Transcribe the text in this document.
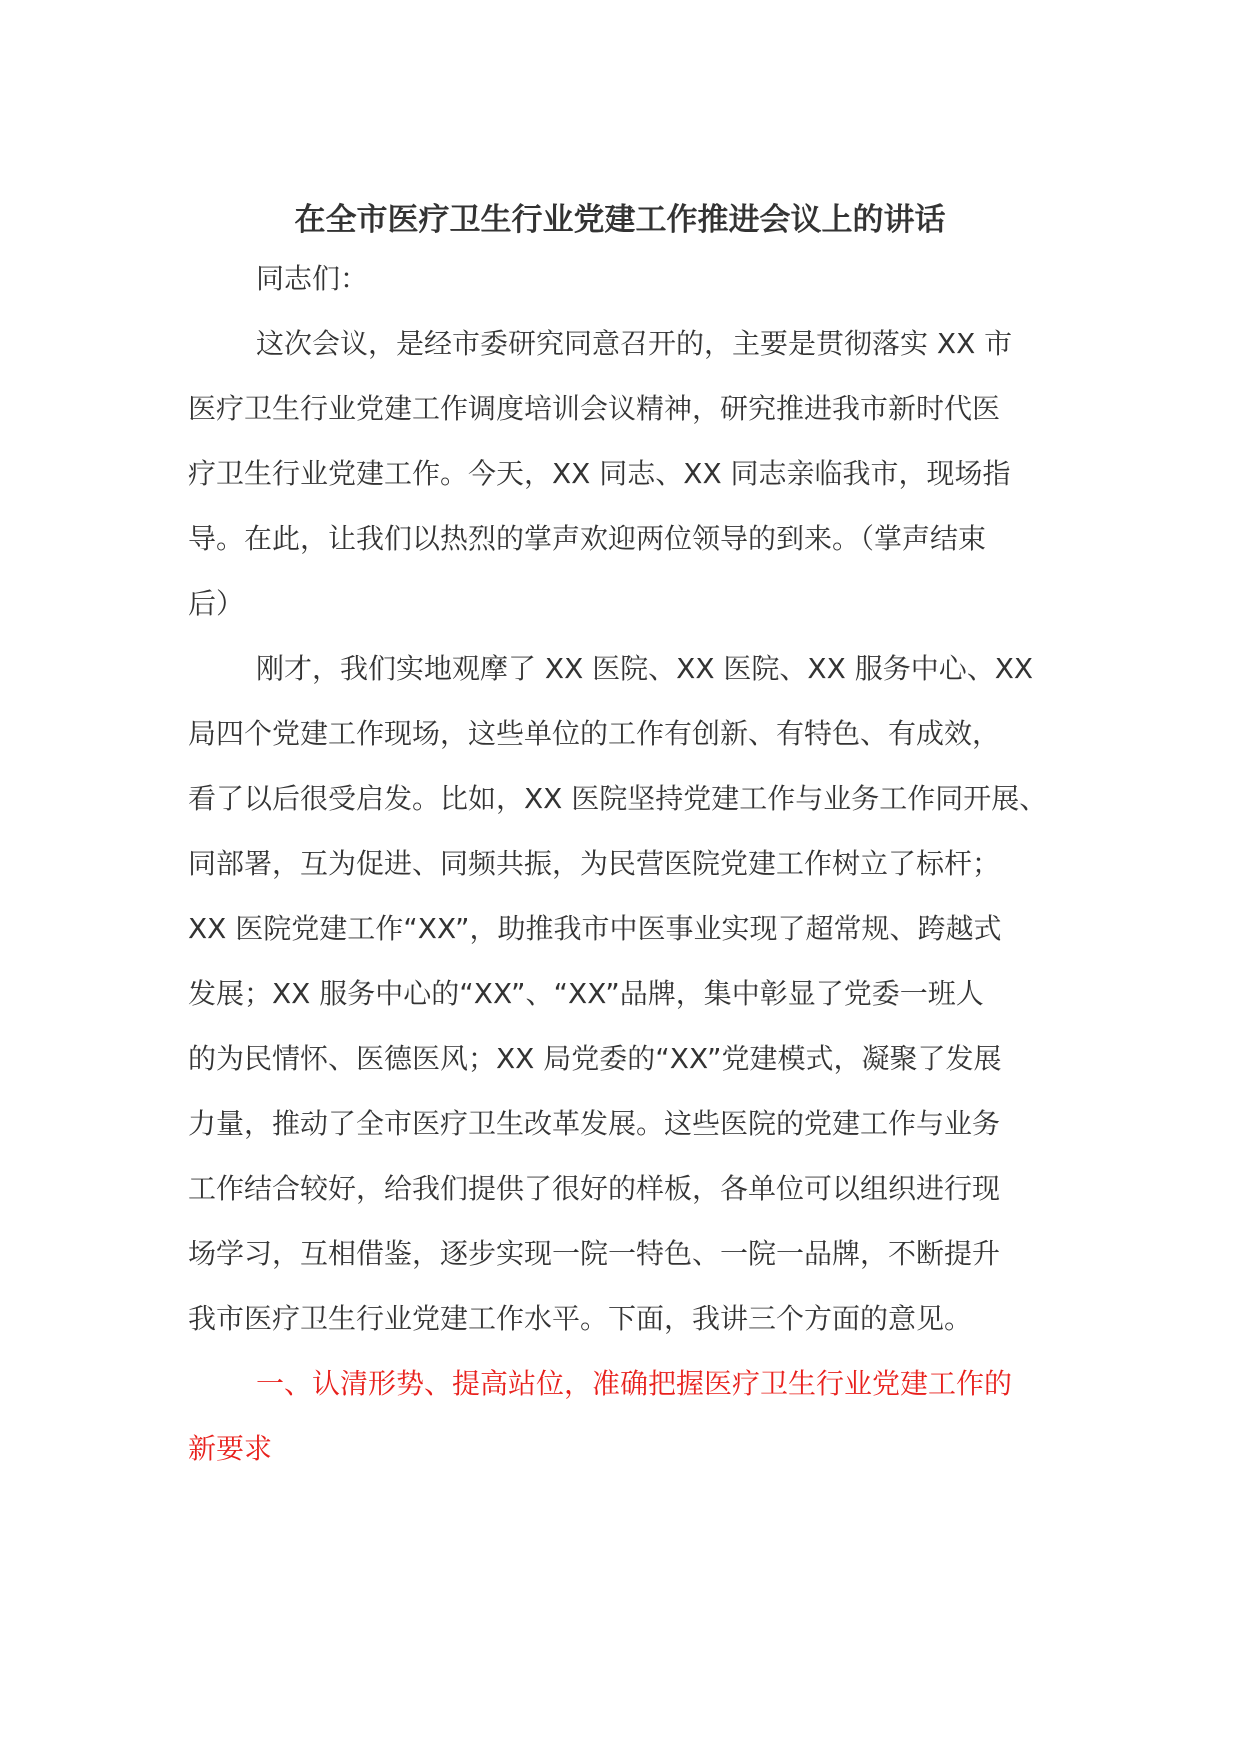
在全市医疗卫生行业党建工作推进会议上的讲话
同志们：
这次会议，是经市委研究同意召开的，主要是贯彻落实 XX 市
医疗卫生行业党建工作调度培训会议精神，研究推进我市新时代医
疗卫生行业党建工作。今天，XX 同志、XX 同志亲临我市，现场指
导。在此，让我们以热烈的掌声欢迎两位领导的到来。（掌声结束
后）
刚才，我们实地观摩了 XX 医院、XX 医院、XX 服务中心、XX
局四个党建工作现场，这些单位的工作有创新、有特色、有成效，
看了以后很受启发。比如，XX 医院坚持党建工作与业务工作同开展、
同部署，互为促进、同频共振，为民营医院党建工作树立了标杆；
XX 医院党建工作“XX”，助推我市中医事业实现了超常规、跨越式
发展；XX 服务中心的“XX”、“XX”品牌，集中彰显了党委一班人
的为民情怀、医德医风；XX 局党委的“XX”党建模式，凝聚了发展
力量，推动了全市医疗卫生改革发展。这些医院的党建工作与业务
工作结合较好，给我们提供了很好的样板，各单位可以组织进行现
场学习，互相借鉴，逐步实现一院一特色、一院一品牌，不断提升
我市医疗卫生行业党建工作水平。下面，我讲三个方面的意见。
一、认清形势、提高站位，准确把握医疗卫生行业党建工作的
新要求
